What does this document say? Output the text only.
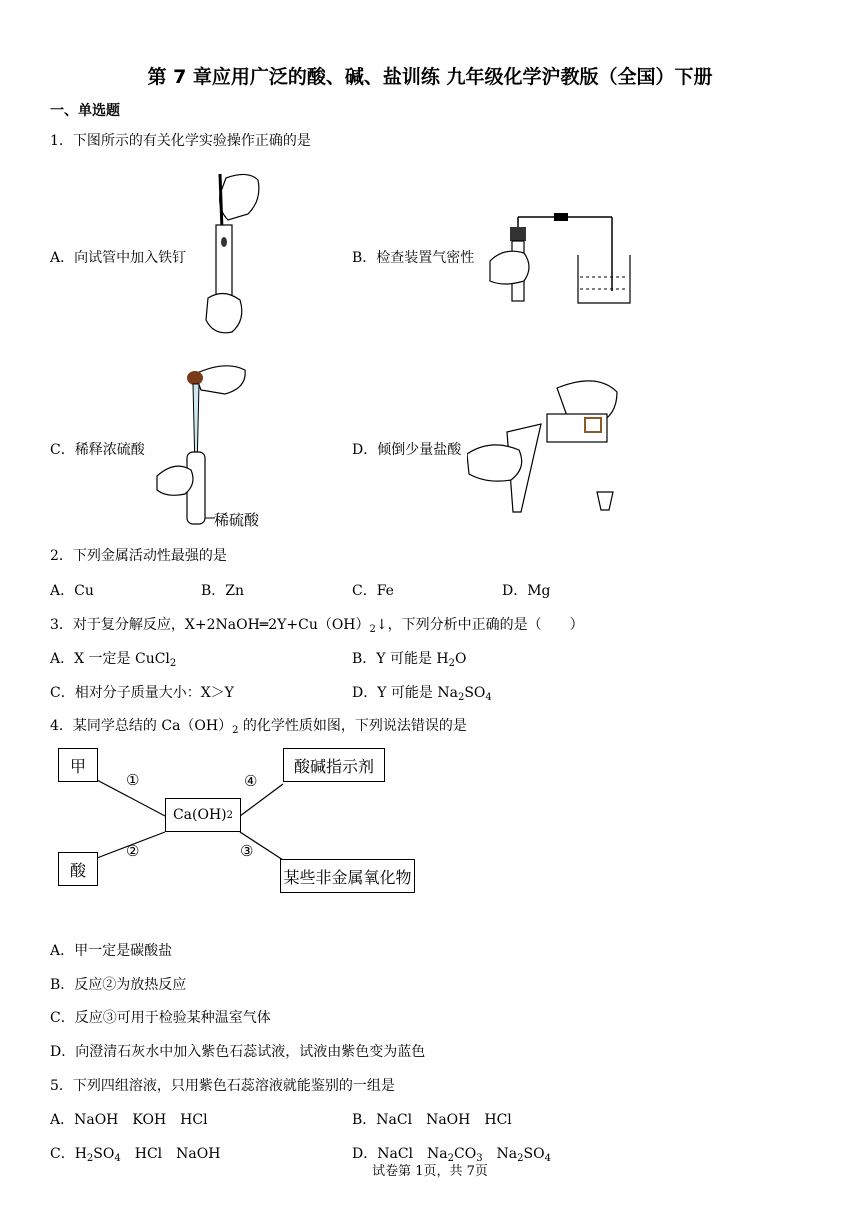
第 7 章应用广泛的酸、碱、盐训练 九年级化学沪教版（全国）下册
一、单选题
1．下图所示的有关化学实验操作正确的是
A．向试管中加入铁钉	B．检查装置气密性
C．稀释浓硫酸	D．倾倒少量盐酸
稀硫酸
2．下列金属活动性最强的是
A．Cu	B．Zn	C．Fe	D．Mg
3．对于复分解反应，$X+2NaOH═2Y+Cu(OH)_2↓$，下列分析中正确的是（　　）
A．X 一定是 CuCl$_2$	B．Y 可能是 $H_2O$
C．相对分子质量大小：X＞Y	D．Y 可能是 $Na_2SO_4$
4．某同学总结的 $Ca(OH)_2$ 的化学性质如图，下列说法错误的是
甲
酸
Ca(OH) 2
酸碱指示剂
某些非金属氧化物
①
②	③
④
A．甲一定是碳酸盐
B．反应②为放热反应
C．反应③可用于检验某种温室气体
D．向澄清石灰水中加入紫色石蕊试液，试液由紫色变为蓝色
5．下列四组溶液，只用紫色石蕊溶液就能鉴别的一组是
A．NaOH　KOH　HCl	B．NaCl　NaOH　HCl
C．$H_2SO_4$　HCl　NaOH	D．NaCl　$Na_2CO_3$　$Na_2SO_4$
试卷第 1页，共 7页
